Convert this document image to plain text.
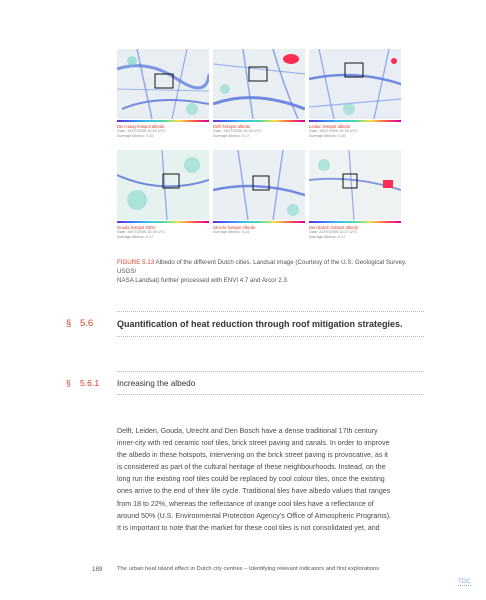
Den Haag hotspot albedo
Date: 19/07/2006 10:40 UTC
Average Albedo: 0.25
Delft hotspot albedo
Date: 19/07/2006 10:39 UTC
Average Albedo: 0.17
Leiden hotspot albedo
Date: 19/07/2006 10:39 UTC
Average Albedo: 0.15
Gouda hotspot NDVI
Date: 19/07/2006 10:39 UTC
Average Albedo: 0.17
Utrecht hotspot Albedo
Average Albedo: 0.14
Den Bosch hotspot albedo
Date: 21/07/2006 10:27 UTC
Average Albedo: 0.17
FIGURE 5.13 Albedo of the different Dutch cities. Landsat image (Courtesy of the U.S. Geological Survey. USGS/
NASA Landsat) further processed with ENVI 4.7 and Arcor 2.3
§ 5.6	Quantification of heat reduction through roof mitigation strategies.
§ 5.6.1 Increasing the albedo
Delft, Leiden, Gouda, Utrecht and Den Bosch have a dense traditional 17th century
inner-city with red ceramic roof tiles, brick street paving and canals. In order to improve
the albedo in these hotspots, intervening on the brick street paving is provocative, as it
is considered as part of the cultural heritage of these neighbourhoods. Instead, on the
long run the existing roof tiles could be replaced by cool colour tiles, once the existing
ones arrive to the end of their life cycle. Traditional tiles have albedo values that ranges
from 18 to 22%, whereas the reflectance of orange cool tiles have a reflectance of
around 50% (U.S. Environmental Protection Agency's Office of Atmospheric Programs).
It is important to note that the market for these cool tiles is not consolidated yet, and
189	The urban heat island effect in Dutch city centres – Identifying relevant indicators and first explorations
TOC
